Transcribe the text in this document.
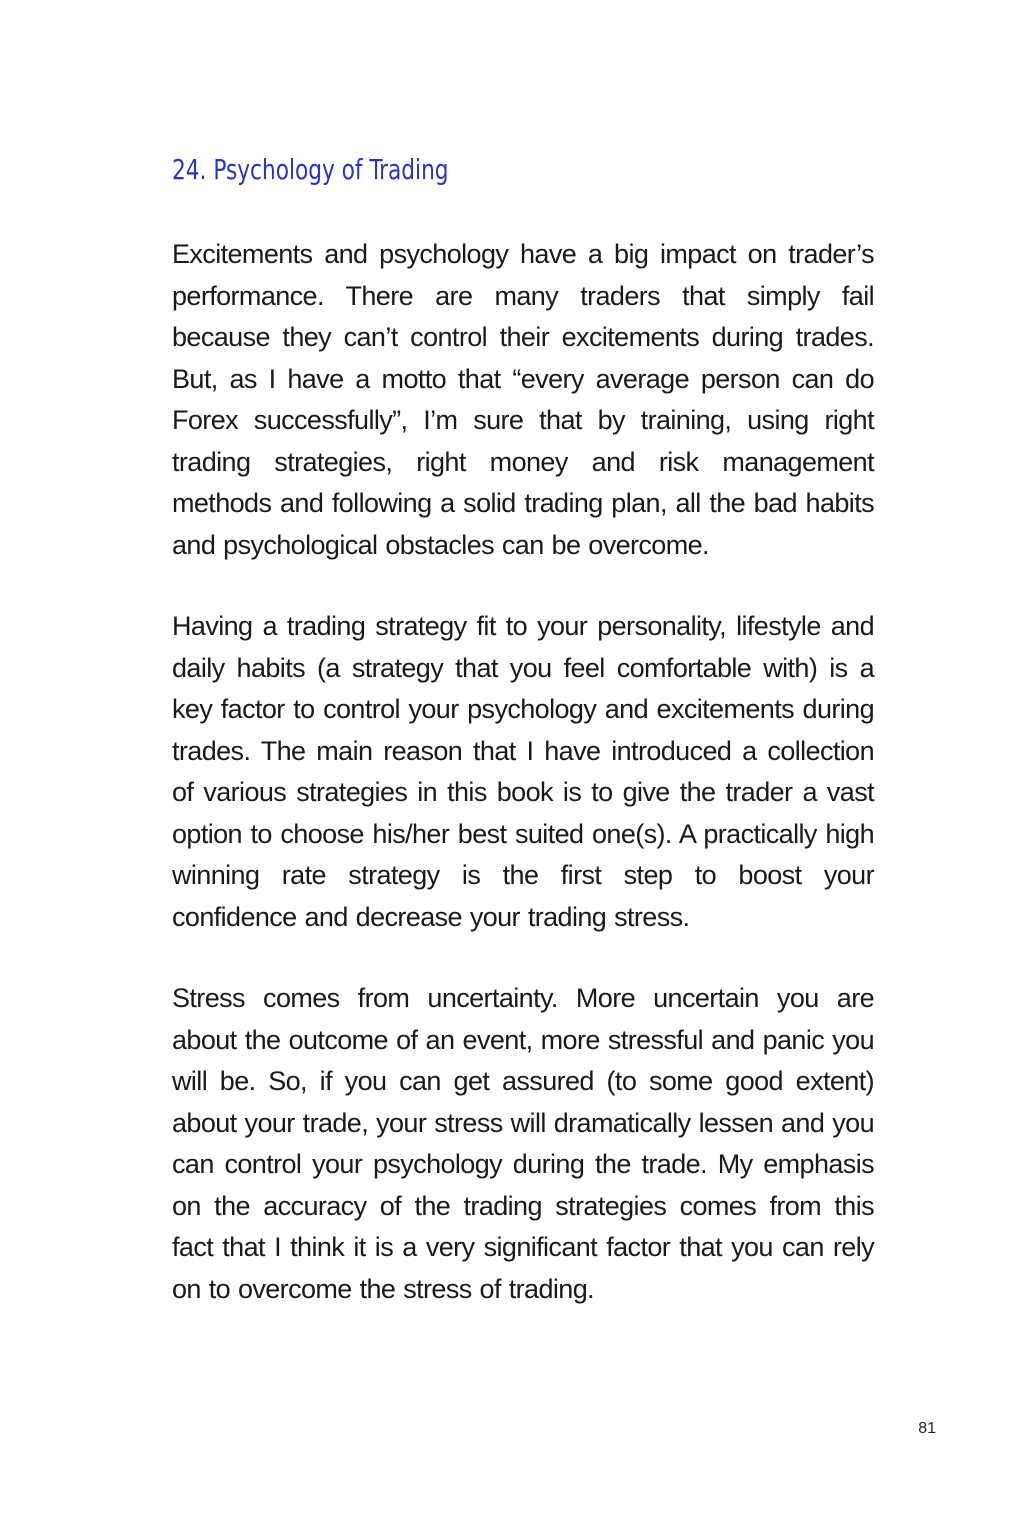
24. Psychology of Trading

Excitements and psychology have a big impact on trader’s performance. There are many traders that simply fail because they can’t control their excitements during trades. But, as I have a motto that “every average person can do Forex successfully”, I’m sure that by training, using right trading strategies, right money and risk management methods and following a solid trading plan, all the bad habits and psychological obstacles can be overcome.

Having a trading strategy fit to your personality, lifestyle and daily habits (a strategy that you feel comfortable with) is a key factor to control your psychology and excitements during trades. The main reason that I have introduced a collection of various strategies in this book is to give the trader a vast option to choose his/her best suited one(s). A practically high winning rate strategy is the first step to boost your confidence and decrease your trading stress.

Stress comes from uncertainty. More uncertain you are about the outcome of an event, more stressful and panic you will be. So, if you can get assured (to some good extent) about your trade, your stress will dramatically lessen and you can control your psychology during the trade. My emphasis on the accuracy of the trading strategies comes from this fact that I think it is a very significant factor that you can rely on to overcome the stress of trading.

81
